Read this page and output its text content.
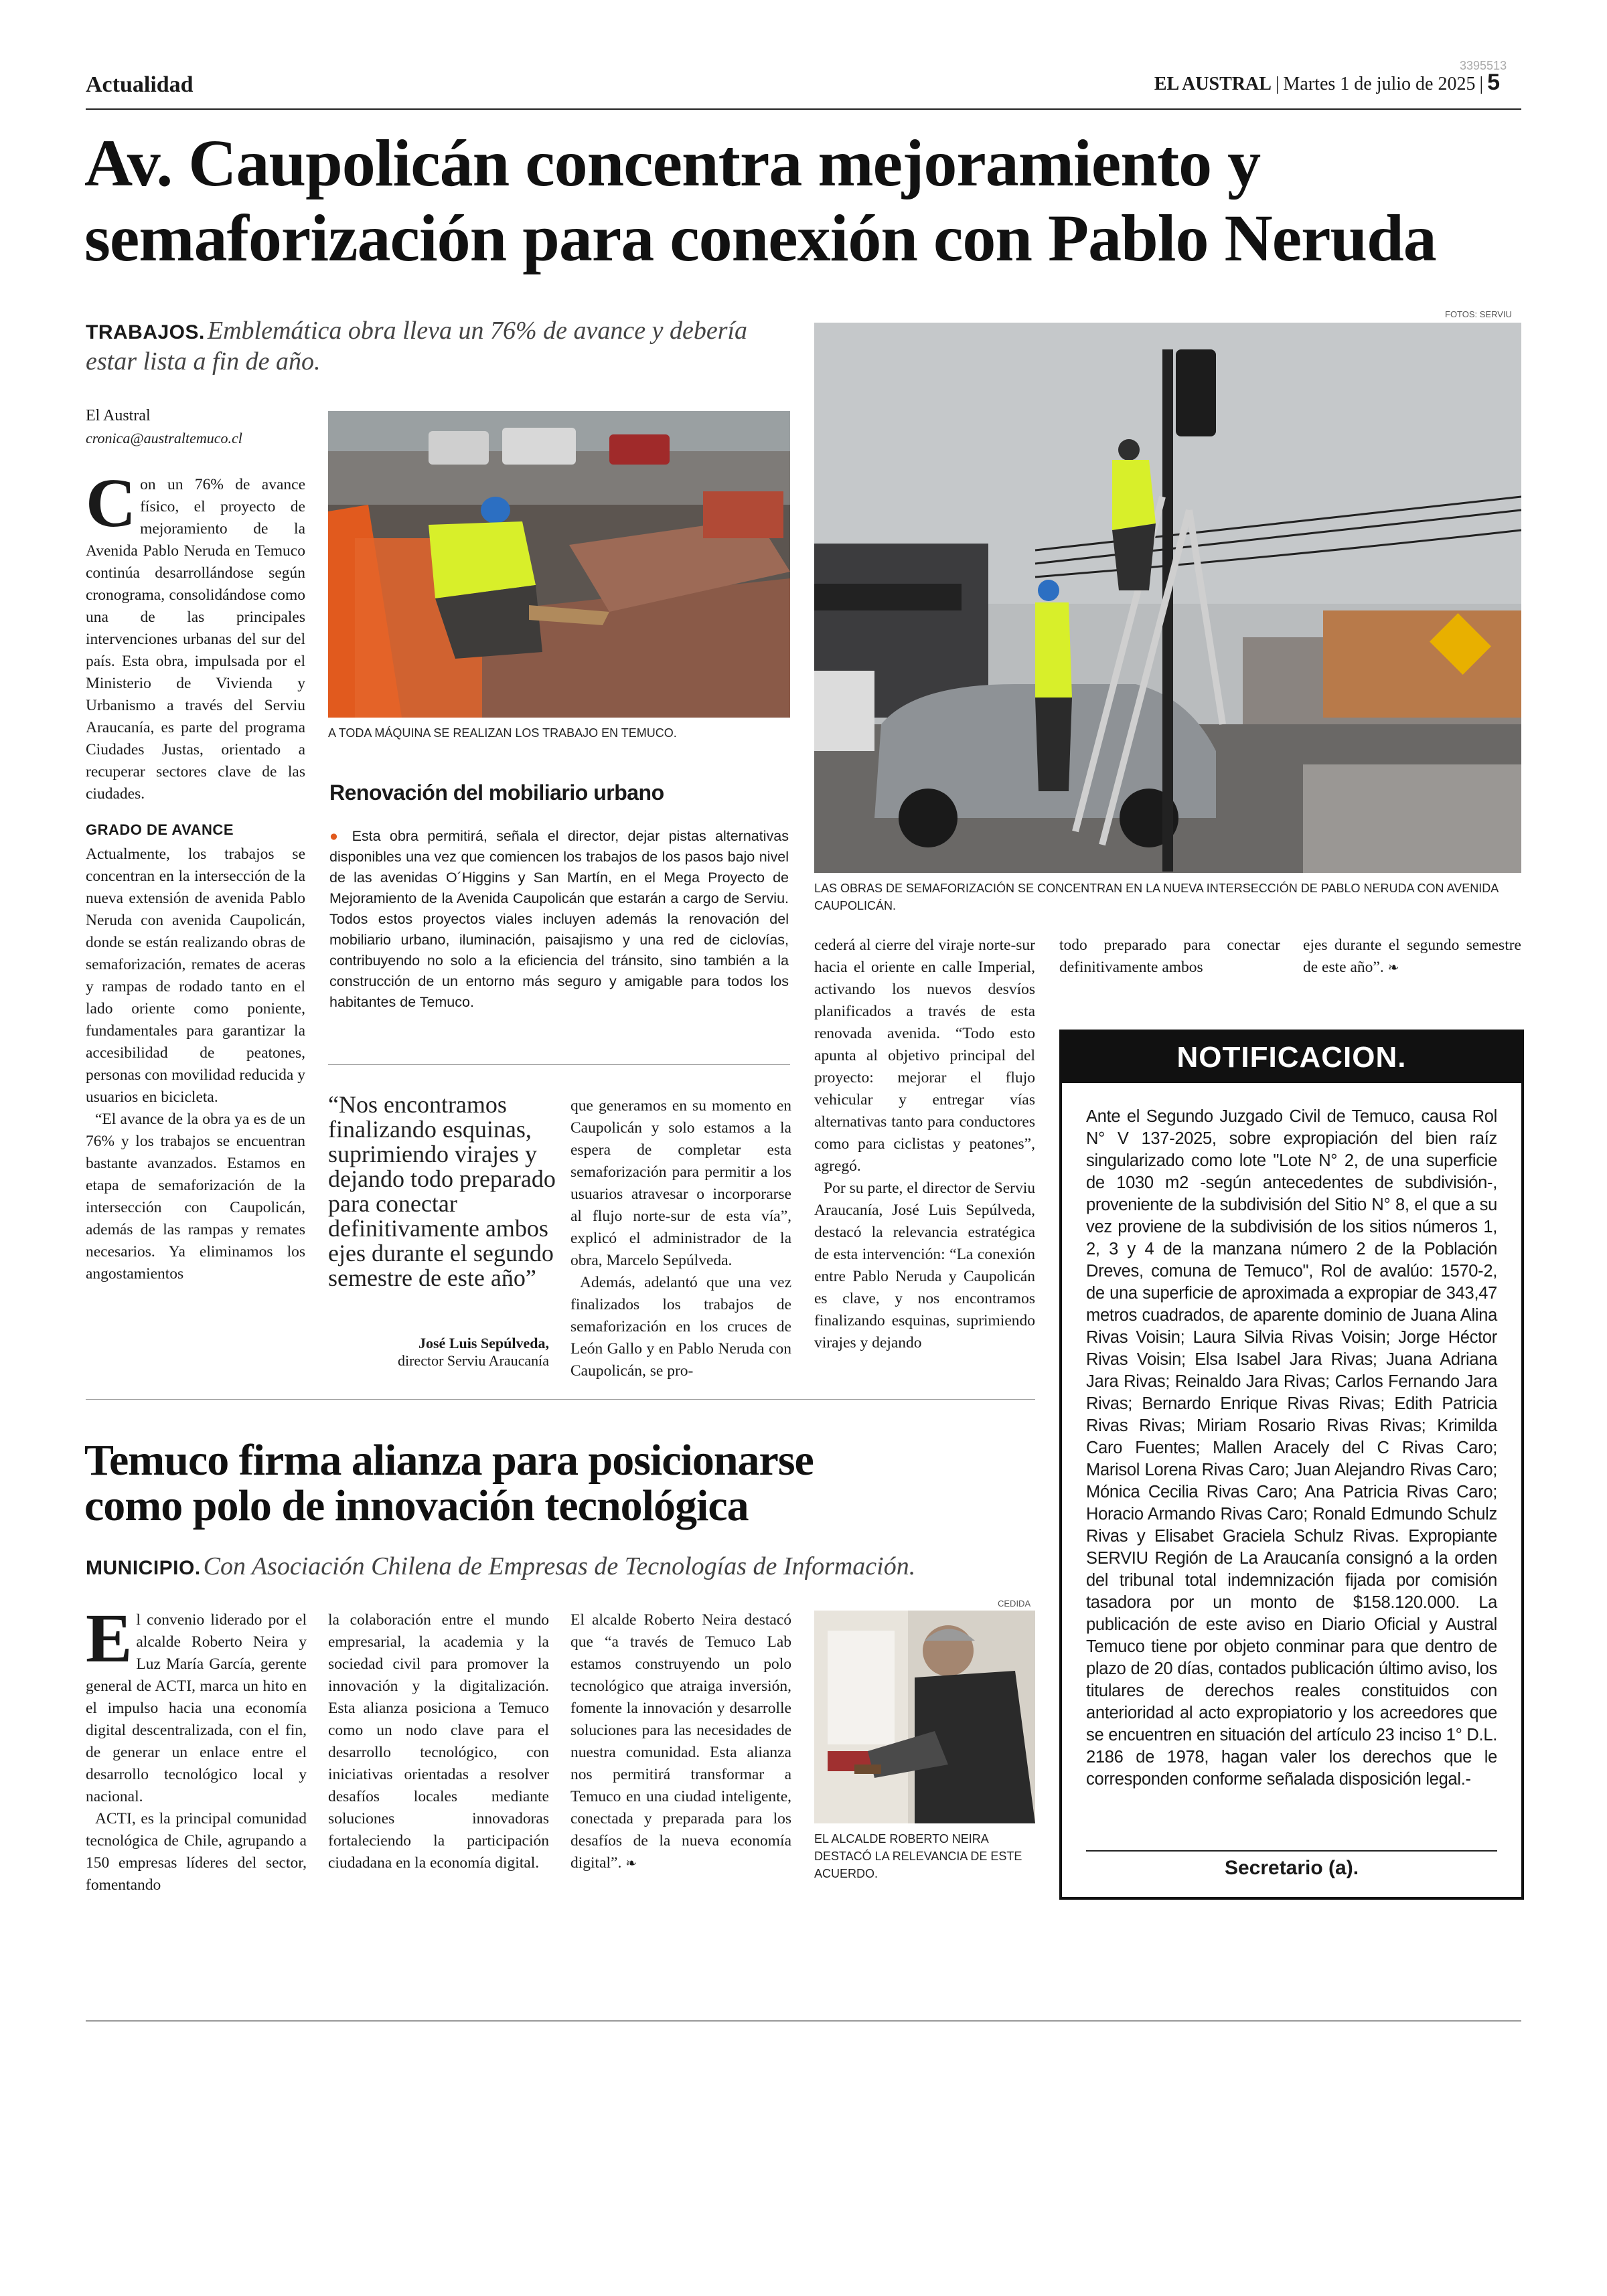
Actualidad	EL AUSTRAL | Martes 1 de julio de 2025 | 5
3395513
Av. Caupolicán concentra mejoramiento y
semaforización para conexión con Pablo Neruda
TRABAJOS. Emblemática obra lleva un 76% de avance y debería estar lista a fin de año.
FOTOS: SERVIU
El Austral
cronica@australtemuco.cl

Con un 76% de avance físico, el proyecto de mejoramiento de la Avenida Pablo Neruda en Temuco continúa desarrollándose según cronograma, consolidándose como una de las principales intervenciones urbanas del sur del país. Esta obra, impulsada por el Ministerio de Vivienda y Urbanismo a través del Serviu Araucanía, es parte del programa Ciudades Justas, orientado a recuperar sectores clave de las ciudades.

GRADO DE AVANCE

Actualmente, los trabajos se concentran en la intersección de la nueva extensión de avenida Pablo Neruda con avenida Caupolicán, donde se están realizando obras de semaforización, remates de aceras y rampas de rodado tanto en el lado oriente como poniente, fundamentales para garantizar la accesibilidad de peatones, personas con movilidad reducida y usuarios en bicicleta.

“El avance de la obra ya es de un 76% y los trabajos se encuentran bastante avanzados. Estamos en etapa de semaforización de la intersección con Caupolicán, además de las rampas y remates necesarios. Ya eliminamos los angostamientos

A TODA MÁQUINA SE REALIZAN LOS TRABAJO EN TEMUCO.
LAS OBRAS DE SEMAFORIZACIÓN SE CONCENTRAN EN LA NUEVA INTERSECCIÓN DE PABLO NERUDA CON AVENIDA CAUPOLICÁN.
Renovación del mobiliario urbano
● Esta obra permitirá, señala el director, dejar pistas alternativas disponibles una vez que comiencen los trabajos de los pasos bajo nivel de las avenidas O´Higgins y San Martín, en el Mega Proyecto de Mejoramiento de la Avenida Caupolicán que estarán a cargo de Serviu. Todos estos proyectos viales incluyen además la renovación del mobiliario urbano, iluminación, paisajismo y una red de ciclovías, contribuyendo no solo a la eficiencia del tránsito, sino también a la construcción de un entorno más seguro y amigable para todos los habitantes de Temuco.
“Nos encontramos finalizando esquinas, suprimiendo virajes y dejando todo preparado para conectar definitivamente ambos ejes durante el segundo semestre de este año”
José Luis Sepúlveda,
director Serviu Araucanía

que generamos en su momento en Caupolicán y solo estamos a la espera de completar esta semaforización para permitir a los usuarios atravesar o incorporarse al flujo norte-sur de esta vía”, explicó el administrador de la obra, Marcelo Sepúlveda.

Además, adelantó que una vez finalizados los trabajos de semaforización en los cruces de León Gallo y en Pablo Neruda con Caupolicán, se pro-

cederá al cierre del viraje norte-sur hacia el oriente en calle Imperial, activando los nuevos desvíos planificados a través de esta renovada avenida. “Todo esto apunta al objetivo principal del proyecto: mejorar el flujo vehicular y entregar vías alternativas tanto para conductores como para ciclistas y peatones”, agregó.

Por su parte, el director de Serviu Araucanía, José Luis Sepúlveda, destacó la relevancia estratégica de esta intervención: “La conexión entre Pablo Neruda y Caupolicán es clave, y nos encontramos finalizando esquinas, suprimiendo virajes y dejando

todo preparado para conectar definitivamente ambos
ejes durante el segundo semestre de este año”. ❧
NOTIFICACION.
Ante el Segundo Juzgado Civil de Temuco, causa Rol N° V 137-2025, sobre expropiación del bien raíz singularizado como lote "Lote N° 2, de una superficie de 1030 m2 -según antecedentes de subdivisión-, proveniente de la subdivisión del Sitio N° 8, el que a su vez proviene de la subdivisión de los sitios números 1, 2, 3 y 4 de la manzana número 2 de la Población Dreves, comuna de Temuco", Rol de avalúo: 1570-2, de una superficie de aproximada a expropiar de 343,47 metros cuadrados, de aparente dominio de Juana Alina Rivas Voisin; Laura Silvia Rivas Voisin; Jorge Héctor Rivas Voisin; Elsa Isabel Jara Rivas; Juana Adriana Jara Rivas; Reinaldo Jara Rivas; Carlos Fernando Jara Rivas; Bernardo Enrique Rivas Rivas; Edith Patricia Rivas Rivas; Miriam Rosario Rivas Rivas; Krimilda Caro Fuentes; Mallen Aracely del C Rivas Caro; Marisol Lorena Rivas Caro; Juan Alejandro Rivas Caro; Mónica Cecilia Rivas Caro; Ana Patricia Rivas Caro; Horacio Armando Rivas Caro; Ronald Edmundo Schulz Rivas y Elisabet Graciela Schulz Rivas. Expropiante SERVIU Región de La Araucanía consignó a la orden del tribunal total indemnización fijada por comisión tasadora por un monto de $158.120.000. La publicación de este aviso en Diario Oficial y Austral Temuco tiene por objeto conminar para que dentro de plazo de 20 días, contados publicación último aviso, los titulares de derechos reales constituidos con anterioridad al acto expropiatorio y los acreedores que se encuentren en situación del artículo 23 inciso 1° D.L. 2186 de 1978, hagan valer los derechos que le corresponden conforme señalada disposición legal.-
Secretario (a).
Temuco firma alianza para posicionarse
como polo de innovación tecnológica
MUNICIPIO. Con Asociación Chilena de Empresas de Tecnologías de Información.

El convenio liderado por el alcalde Roberto Neira y Luz María García, gerente general de ACTI, marca un hito en el impulso hacia una economía digital descentralizada, con el fin, de generar un enlace entre el desarrollo tecnológico local y nacional.

ACTI, es la principal comunidad tecnológica de Chile, agrupando a 150 empresas líderes del sector, fomentando

la colaboración entre el mundo empresarial, la academia y la sociedad civil para promover la innovación y la digitalización. Esta alianza posiciona a Temuco como un nodo clave para el desarrollo tecnológico, con iniciativas orientadas a resolver desafíos locales mediante soluciones innovadoras fortaleciendo la participación ciudadana en la economía digital.
El alcalde Roberto Neira destacó que “a través de Temuco Lab estamos construyendo un polo tecnológico que atraiga inversión, fomente la innovación y desarrolle soluciones para las necesidades de nuestra comunidad. Esta alianza nos permitirá transformar a Temuco en una ciudad inteligente, conectada y preparada para los desafíos de la nueva economía digital”. ❧
CEDIDA
EL ALCALDE ROBERTO NEIRA DESTACÓ LA RELEVANCIA DE ESTE ACUERDO.
